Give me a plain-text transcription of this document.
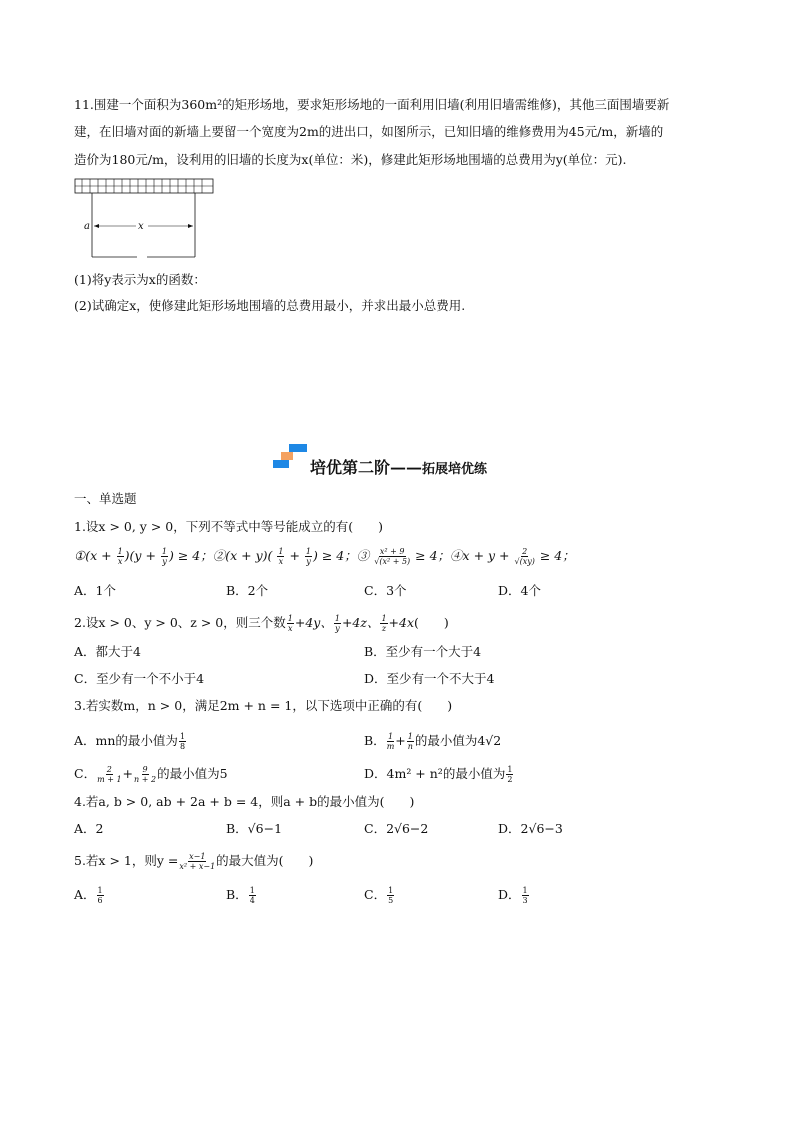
11.围建一个面积为360m²的矩形场地，要求矩形场地的一面利用旧墙(利用旧墙需维修)，其他三面围墙要新
建，在旧墙对面的新墙上要留一个宽度为2m的进出口，如图所示，已知旧墙的维修费用为45元/m，新墙的
造价为180元/m，设利用的旧墙的长度为x(单位：米)，修建此矩形场地围墙的总费用为y(单位：元).
a	x
(1)将y表示为x的函数：
(2)试确定x，使修建此矩形场地围墙的总费用最小，并求出最小总费用.
培优第二阶——拓展培优练
一、单选题
1.设x > 0, y > 0，下列不等式中等号能成立的有(　　)
①(x + $\frac{1}{x} )(y + \frac{1}{y}$ ) ≥ 4；②(x + $y)( \frac{1}{x} + \frac{1}{y}$ ) ≥ 4；③ $\frac{\text{x² + 9}}{\text{√(x² + 5)}} \ge 4$；④x + $y + \frac{2}{√(xy)} \ge 4$；
A．1个	B．2个	C．3个	D．4个
2.设x > 0、y > 0、z > 0，则三个数 $\frac{1}{x} +4y$、 $\frac{1}{y} +4z$、 $\frac{1}{z} +4x$(　　)
A．都大于4	B．至少有一个大于4
C．至少有一个不小于4	D．至少有一个不大于4
3.若实数m，n > 0，满足2m + n = 1，以下选项中正确的有(　　)
A．mn的最小值为 $\frac{1}{8}$	B． $\frac{1}{m} + \frac{1}{n}$ 的最小值为4√2
C． $\frac{2}{m + 1} + \frac{9}{n + 2}$ 的最小值为5	D．4m² + n²的最小值为 $\frac{1}{2}$
4.若a, b > 0, ab + 2a + b = 4，则a + b的最小值为(　　)
A．2	B．√6−1	C．2√6−2	D．2√6−3
5.若x > 1，则$y = \frac{x-1}{\text{x² + x−1}}$ 的最大值为(　　)
A． $\frac{1}{6}$	B． $\frac{1}{4}$	C． $\frac{1}{5}$	D． $\frac{1}{3}$
